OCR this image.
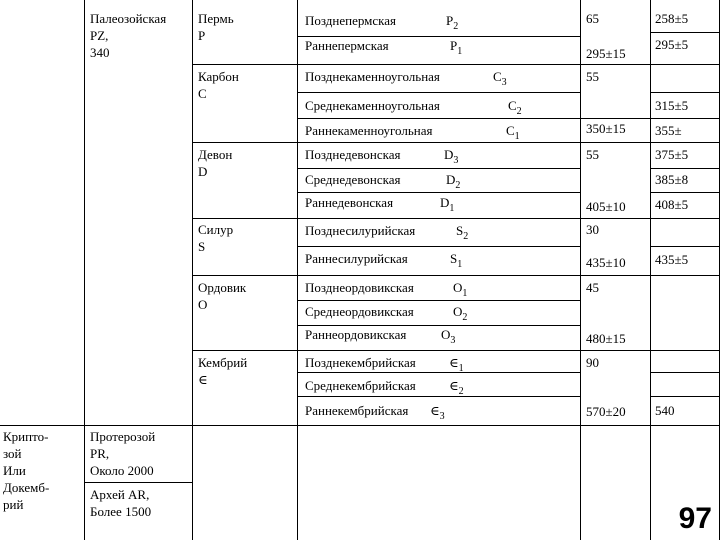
Крипто-
зой
Или
Докемб-
рий
Палеозойская
PZ,
340
Протерозой
PR,
Около 2000
Архей AR,
Более 1500
Пермь
P
Карбон
C
Девон
D
Силур
S
Ордовик
O
Кембрий
∈
Позднепермская
Раннепермская
Позднекаменноугольная
Среднекаменноугольная
Раннекаменноугольная
Позднедевонская
Среднедевонская
Раннедевонская
Позднесилурийская
Раннесилурийская
Позднеордовикская
Среднеордовикская
Раннеордовикская
Позднекембрийская
Среднекембрийская
Раннекембрийская
$P_2$
$P_1$
$C_3$
$C_2$
$C_1$
$D_3$
$D_2$
$D_1$
$S_2$
$S_1$
$O_1$
$O_2$
$O_3$
$\in_1$
$\in_2$
$\in_3$
65
295±15
55
350±15
55
405±10
30
435±10
45
480±15
90
570±20
258±5
295±5
315±5
355±
375±5
385±8
408±5
435±5
540
97
